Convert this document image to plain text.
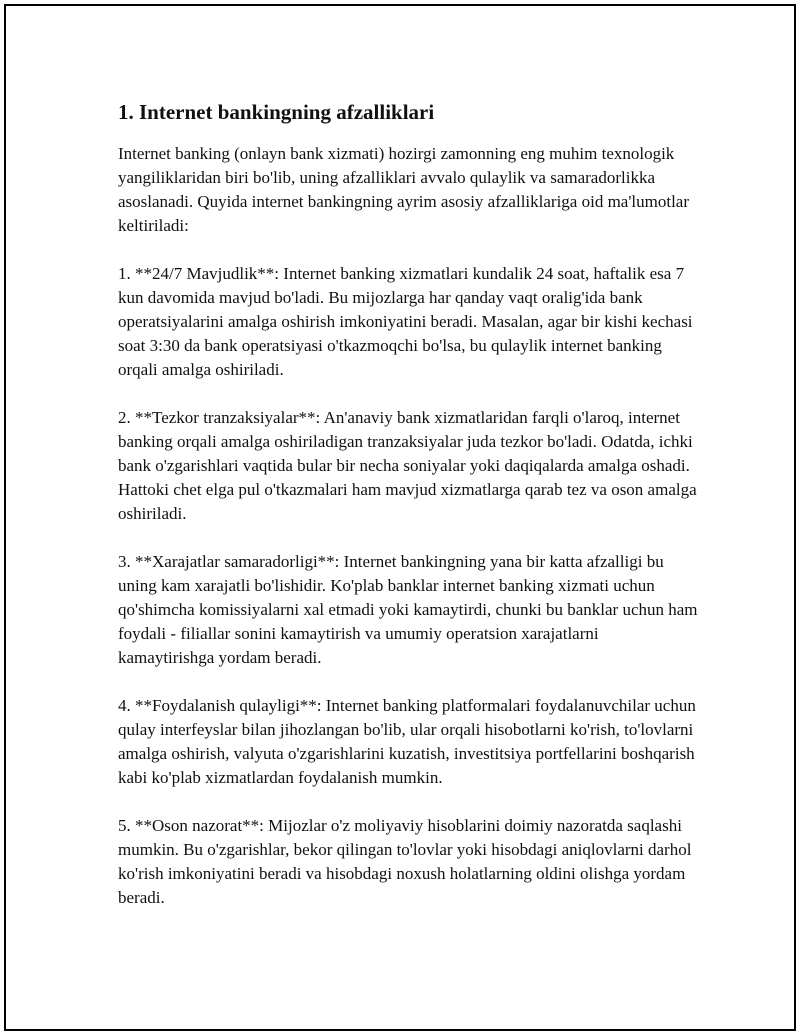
1. Internet bankingning afzalliklari

Internet banking (onlayn bank xizmati) hozirgi zamonning eng muhim texnologik yangiliklaridan biri bo'lib, uning afzalliklari avvalo qulaylik va samaradorlikka asoslanadi. Quyida internet bankingning ayrim asosiy afzalliklariga oid ma'lumotlar keltiriladi:

1. **24/7 Mavjudlik**: Internet banking xizmatlari kundalik 24 soat, haftalik esa 7 kun davomida mavjud bo'ladi. Bu mijozlarga har qanday vaqt oralig'ida bank operatsiyalarini amalga oshirish imkoniyatini beradi. Masalan, agar bir kishi kechasi soat 3:30 da bank operatsiyasi o'tkazmoqchi bo'lsa, bu qulaylik internet banking orqali amalga oshiriladi.

2. **Tezkor tranzaksiyalar**: An'anaviy bank xizmatlaridan farqli o'laroq, internet banking orqali amalga oshiriladigan tranzaksiyalar juda tezkor bo'ladi. Odatda, ichki bank o'zgarishlari vaqtida bular bir necha soniyalar yoki daqiqalarda amalga oshadi. Hattoki chet elga pul o'tkazmalari ham mavjud xizmatlarga qarab tez va oson amalga oshiriladi.

3. **Xarajatlar samaradorligi**: Internet bankingning yana bir katta afzalligi bu uning kam xarajatli bo'lishidir. Ko'plab banklar internet banking xizmati uchun qo'shimcha komissiyalarni xal etmadi yoki kamaytirdi, chunki bu banklar uchun ham foydali - filiallar sonini kamaytirish va umumiy operatsion xarajatlarni kamaytirishga yordam beradi.

4. **Foydalanish qulayligi**: Internet banking platformalari foydalanuvchilar uchun qulay interfeyslar bilan jihozlangan bo'lib, ular orqali hisobotlarni ko'rish, to'lovlarni amalga oshirish, valyuta o'zgarishlarini kuzatish, investitsiya portfellarini boshqarish kabi ko'plab xizmatlardan foydalanish mumkin.

5. **Oson nazorat**: Mijozlar o'z moliyaviy hisoblarini doimiy nazoratda saqlashi mumkin. Bu o'zgarishlar, bekor qilingan to'lovlar yoki hisobdagi aniqlovlarni darhol ko'rish imkoniyatini beradi va hisobdagi noxush holatlarning oldini olishga yordam beradi.
